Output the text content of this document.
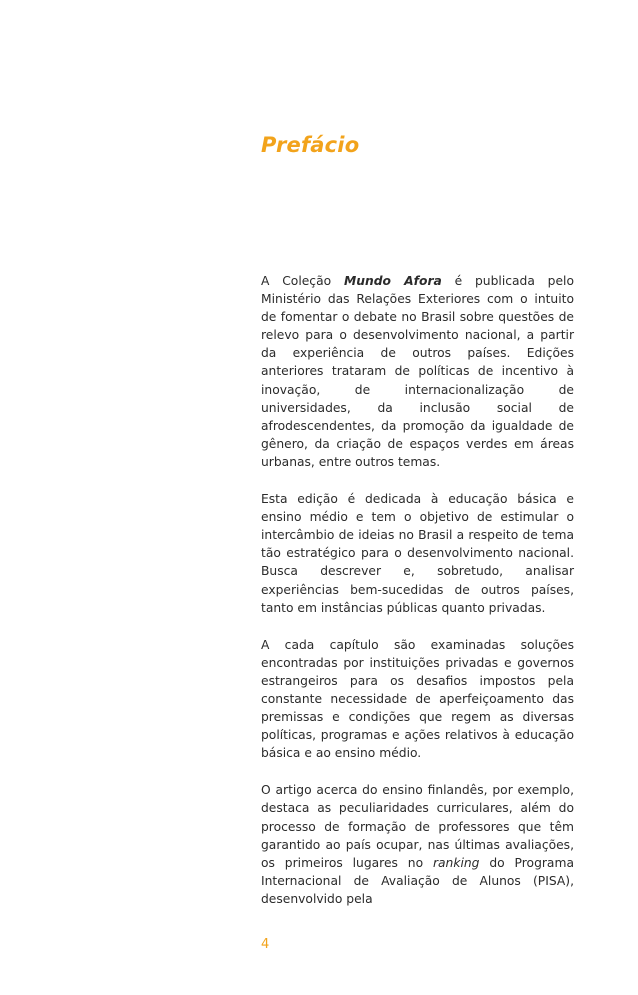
Prefácio

A Coleção Mundo Afora é publicada pelo Ministério das Relações Exteriores com o intuito de fomentar o debate no Brasil sobre questões de relevo para o desenvolvimento nacional, a partir da experiência de outros países. Edições anteriores trataram de políticas de incentivo à inovação, de internacionalização de universidades, da inclusão social de afrodescendentes, da promoção da igualdade de gênero, da criação de espaços verdes em áreas urbanas, entre outros temas.

Esta edição é dedicada à educação básica e ensino médio e tem o objetivo de estimular o intercâmbio de ideias no Brasil a respeito de tema tão estratégico para o desenvolvimento nacional. Busca descrever e, sobretudo, analisar experiências bem-sucedidas de outros países, tanto em instâncias públicas quanto privadas.

A cada capítulo são examinadas soluções encontradas por instituições privadas e governos estrangeiros para os desafios impostos pela constante necessidade de aperfeiçoamento das premissas e condições que regem as diversas políticas, programas e ações relativos à educação básica e ao ensino médio.

O artigo acerca do ensino finlandês, por exemplo, destaca as peculiaridades curriculares, além do processo de formação de professores que têm garantido ao país ocupar, nas últimas avaliações, os primeiros lugares no ranking do Programa Internacional de Avaliação de Alunos (PISA), desenvolvido pela

4
